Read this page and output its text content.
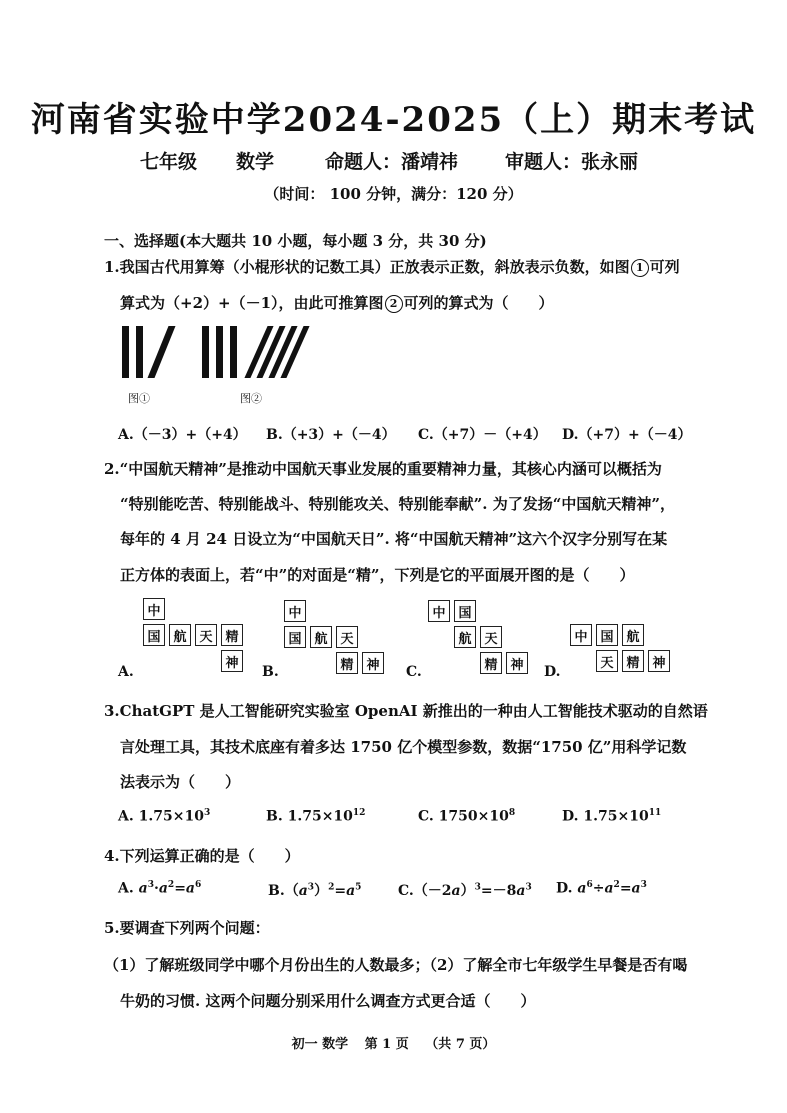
河南省实验中学2024-2025（上）期末考试
七年级 数学	命题人：潘靖祎 审题人：张永丽
（时间： 100 分钟，满分：120 分）
一、选择题(本大题共 10 小题，每小题 3 分，共 30 分)
1.我国古代用算筹（小棍形状的记数工具）正放表示正数，斜放表示负数，如图 1 可列
算式为（+2）+（－1），由此可推算图 2 可列的算式为（　　）
图①	图②
A.（－3）+（+4） B.（+3）+（－4） C.（+7）－（+4） D.（+7）+（－4）
2.“中国航天精神”是推动中国航天事业发展的重要精神力量，其核心内涵可以概括为
“特别能吃苦、特别能战斗、特别能攻关、特别能奉献”. 为了发扬“中国航天精神”，
每年的 4 月 24 日设立为“中国航天日”. 将“中国航天精神”这六个汉字分别写在某
正方体的表面上，若“中”的对面是“精”，下列是它的平面展开图的是（　　）
中
国 航 天 精
神
A.
中
国 航 天
精 神
B.
中 国
航 天
精 神
C.
中 国 航
天 精 神
D.
3.ChatGPT 是人工智能研究实验室 OpenAI 新推出的一种由人工智能技术驱动的自然语
言处理工具，其技术底座有着多达 1750 亿个模型参数，数据“1750 亿”用科学记数
法表示为（　　）
A. $1.75\times 10^3$	B. $1.75\times 10^{12}$	C. $1750\times 10^8$	D. $1.75\times 10^{11}$
4.下列运算正确的是（　　）
A. $a^3\cdot a^2=a^6$	$B.(a^3)^2=a^5$	$C.(-2a)^3=-8a^3$ D. $a^6\div a^2=a^3$
5.要调查下列两个问题：
（1）了解班级同学中哪个月份出生的人数最多；（2）了解全市七年级学生早餐是否有喝
牛奶的习惯. 这两个问题分别采用什么调查方式更合适（　　）
初一 数学 第 1 页 （共 7 页）
